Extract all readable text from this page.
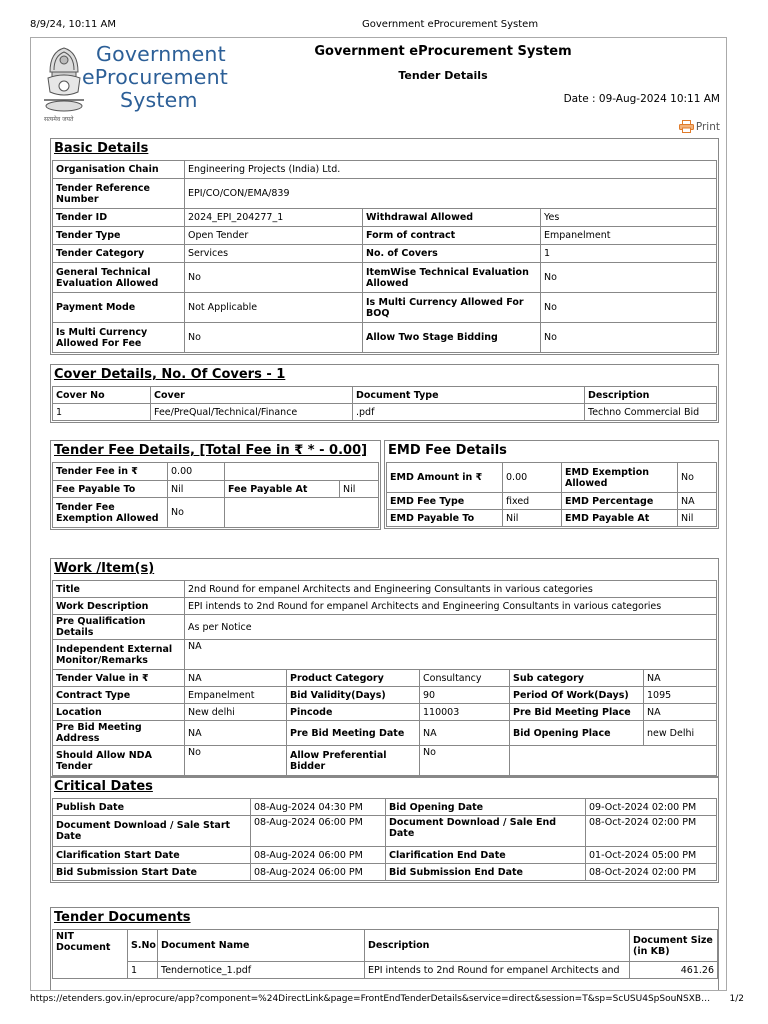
8/9/24, 10:11 AM	Government eProcurement System
Government
eProcurement
System
सत्यमेव जयते
Government eProcurement System
Tender Details
Date : 09-Aug-2024 10:11 AM
Print
Basic Details
Organisation Chain	Engineering Projects (India) Ltd.		
Tender Reference Number	EPI/CO/CON/EMA/839		
Tender ID	2024_EPI_204277_1	Withdrawal Allowed	Yes
Tender Type	Open Tender	Form of contract	Empanelment
Tender Category	Services	No. of Covers	1
General Technical Evaluation Allowed	No	ItemWise Technical Evaluation Allowed	No
Payment Mode	Not Applicable	Is Multi Currency Allowed For BOQ	No
Is Multi Currency Allowed For Fee	No	Allow Two Stage Bidding	No
Cover Details, No. Of Covers - 1
Cover No	Cover	Document Type	Description
1	Fee/PreQual/Technical/Finance	.pdf	Techno Commercial Bid
Tender Fee Details, [Total Fee in ₹ * - 0.00]
Tender Fee in ₹	0.00		
Fee Payable To	Nil	Fee Payable At	Nil
Tender Fee Exemption Allowed	No		
EMD Fee Details
EMD Amount in ₹	0.00	EMD Exemption Allowed	No
EMD Fee Type	fixed	EMD Percentage	NA
EMD Payable To	Nil	EMD Payable At	Nil
Work /Item(s)
Title	2nd Round for empanel Architects and Engineering Consultants in various categories				
Work Description	EPI intends to 2nd Round for empanel Architects and Engineering Consultants in various categories				
Pre Qualification Details	As per Notice				
Independent External Monitor/Remarks	NA				
Tender Value in ₹	NA	Product Category	Consultancy	Sub category	NA
Contract Type	Empanelment	Bid Validity(Days)	90	Period Of Work(Days)	1095
Location	New delhi	Pincode	110003	Pre Bid Meeting Place	NA
Pre Bid Meeting Address	NA	Pre Bid Meeting Date	NA	Bid Opening Place	new Delhi
Should Allow NDA Tender	No	Allow Preferential Bidder	No		
Critical Dates
Publish Date	08-Aug-2024 04:30 PM	Bid Opening Date	09-Oct-2024 02:00 PM
Document Download / Sale Start Date	08-Aug-2024 06:00 PM	Document Download / Sale End Date	08-Oct-2024 02:00 PM
Clarification Start Date	08-Aug-2024 06:00 PM	Clarification End Date	01-Oct-2024 05:00 PM
Bid Submission Start Date	08-Aug-2024 06:00 PM	Bid Submission End Date	08-Oct-2024 02:00 PM
Tender Documents
NIT Document	S.No	Document Name	Description	Document Size (in KB)	
	1	Tendernotice_1.pdf	EPI intends to 2nd Round for empanel Architects and	461.26	
https://etenders.gov.in/eprocure/app?component=%24DirectLink&page=FrontEndTenderDetails&service=direct&session=T&sp=ScUSU4SpSouNSXB… 1/2
